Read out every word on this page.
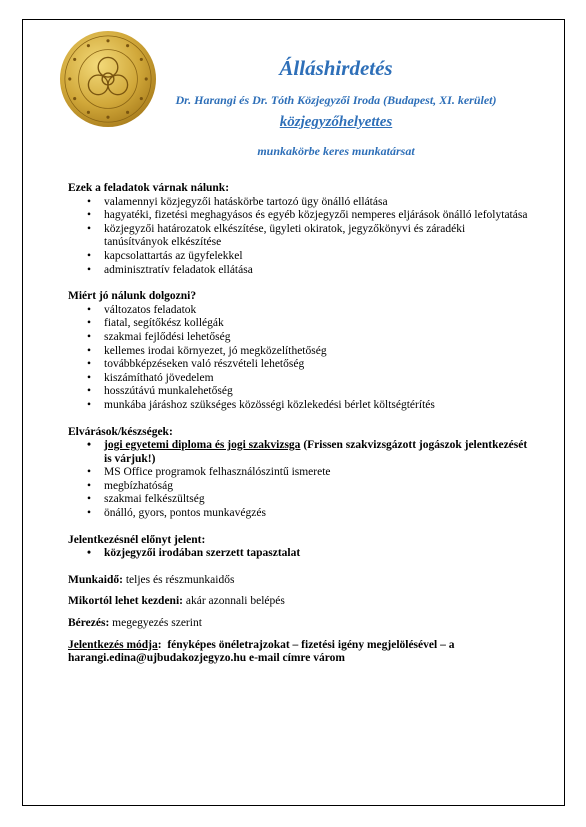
Álláshirdetés
Dr. Harangi és Dr. Tóth Közjegyzői Iroda (Budapest, XI. kerület)
közjegyzőhelyettes
munkakörbe keres munkatársat

Ezek a feladatok várnak nálunk:

• valamennyi közjegyzői hatáskörbe tartozó ügy önálló ellátása
• hagyatéki, fizetési meghagyásos és egyéb közjegyzői nemperes eljárások önálló lefolytatása
• közjegyzői határozatok elkészítése, ügyleti okiratok, jegyzőkönyvi és záradéki tanúsítványok elkészítése
• kapcsolattartás az ügyfelekkel
• adminisztratív feladatok ellátása

Miért jó nálunk dolgozni?

• változatos feladatok
• fiatal, segítőkész kollégák
• szakmai fejlődési lehetőség
• kellemes irodai környezet, jó megközelíthetőség
• továbbképzéseken való részvételi lehetőség
• kiszámítható jövedelem
• hosszútávú munkalehetőség
• munkába járáshoz szükséges közösségi közlekedési bérlet költségtérítés

Elvárások/készségek:

• jogi egyetemi diploma és jogi szakvizsga (Frissen szakvizsgázott jogászok jelentkezését is várjuk!)
• MS Office programok felhasználószintű ismerete
• megbízhatóság
• szakmai felkészültség
• önálló, gyors, pontos munkavégzés

Jelentkezésnél előnyt jelent:

• közjegyzői irodában szerzett tapasztalat

Munkaidő: teljes és részmunkaidős

Mikortól lehet kezdeni: akár azonnali belépés

Bérezés: megegyezés szerint

Jelentkezés módja:  fényképes önéletrajzokat – fizetési igény megjelölésével – a harangi.edina@ujbudakozjegyzo.hu e-mail címre várom
